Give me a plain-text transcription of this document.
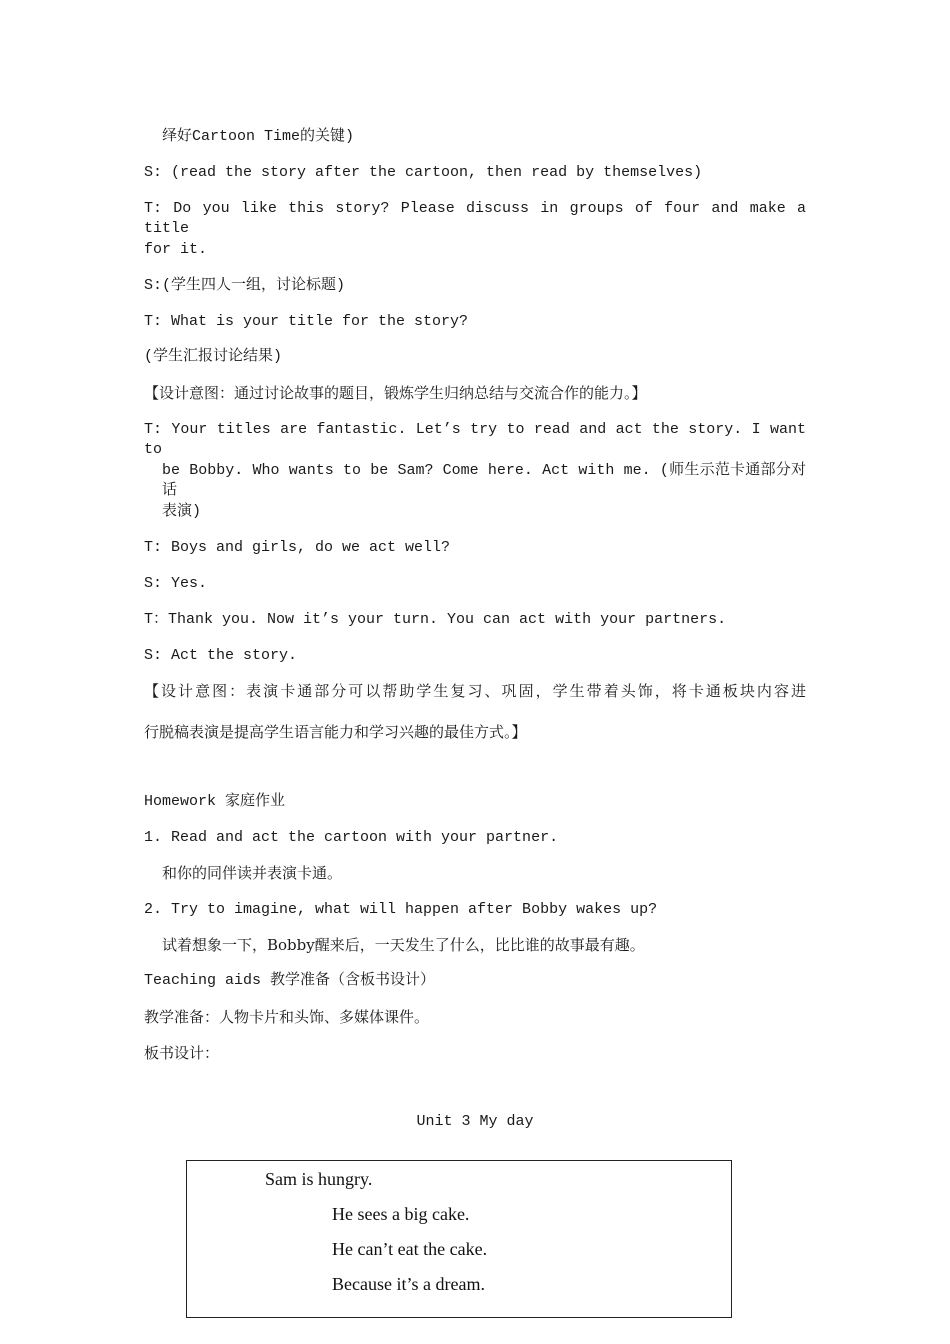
绎好Cartoon Time的关键)
S: (read the story after the cartoon, then read by themselves)
T: Do you like this story? Please discuss in groups of four and make a title
for it.
S:(学生四人一组，讨论标题)
T: What is your title for the story?
(学生汇报讨论结果)
【设计意图：通过讨论故事的题目，锻炼学生归纳总结与交流合作的能力。】
T: Your titles are fantastic. Let’s try to read and act the story. I want to
be Bobby. Who wants to be Sam? Come here. Act with me. (师生示范卡通部分对话
表演)
T: Boys and girls, do we act well?
S: Yes.
T：Thank you. Now it’s your turn. You can act with your partners.
S: Act the story.
【设计意图：表演卡通部分可以帮助学生复习、巩固，学生带着头饰，将卡通板块内容进
行脱稿表演是提高学生语言能力和学习兴趣的最佳方式。】
Homework 家庭作业
1. Read and act the cartoon with your partner.
和你的同伴读并表演卡通。
2. Try to imagine, what will happen after Bobby wakes up?
试着想象一下，Bobby醒来后，一天发生了什么，比比谁的故事最有趣。
Teaching aids 教学准备（含板书设计）
教学准备：人物卡片和头饰、多媒体课件。
板书设计：
Unit 3 My day
Sam is hungry.
He sees a big cake.
He can’t eat the cake.
Because it’s a dream.
